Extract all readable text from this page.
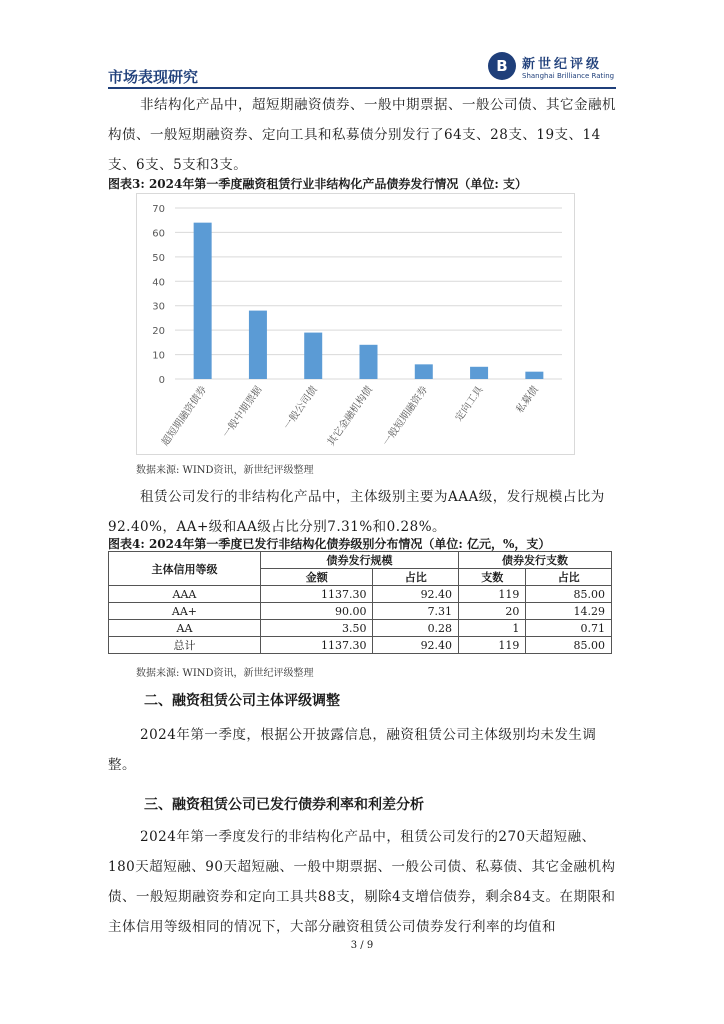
市场表现研究
B	新世纪评级
Shanghai Brilliance Rating
非结构化产品中，超短期融资债券、一般中期票据、一般公司债、其它金融机构债、一般短期融资券、定向工具和私募债分别发行了64支、28支、19支、14支、6支、5支和3支。
图表3: 2024年第一季度融资租赁行业非结构化产品债券发行情况（单位: 支）
0
10
20
30
40
50
60
70
超短期融资债券 一般中期票据 一般公司债 其它金融机构债 一般短期融资券 定向工具	私募债
数据来源: WIND资讯，新世纪评级整理
租赁公司发行的非结构化产品中，主体级别主要为AAA级，发行规模占比为92.40%，AA+级和AA级占比分别7.31%和0.28%。
图表4: 2024年第一季度已发行非结构化债券级别分布情况（单位: 亿元，%，支）
主体信用等级	债券发行规模		债券发行支数	
	金额	占比	支数	占比
AAA	1137.30	92.40	119	85.00
AA+	90.00	7.31	20	14.29
AA	3.50	0.28	1	0.71
总计	1137.30	92.40	119	85.00
数据来源: WIND资讯，新世纪评级整理
二、融资租赁公司主体评级调整
2024年第一季度，根据公开披露信息，融资租赁公司主体级别均未发生调整。
三、融资租赁公司已发行债券利率和利差分析
2024年第一季度发行的非结构化产品中，租赁公司发行的270天超短融、180天超短融、90天超短融、一般中期票据、一般公司债、私募债、其它金融机构债、一般短期融资券和定向工具共88支，剔除4支增信债券，剩余84支。在期限和主体信用等级相同的情况下，大部分融资租赁公司债券发行利率的均值和
3 / 9
